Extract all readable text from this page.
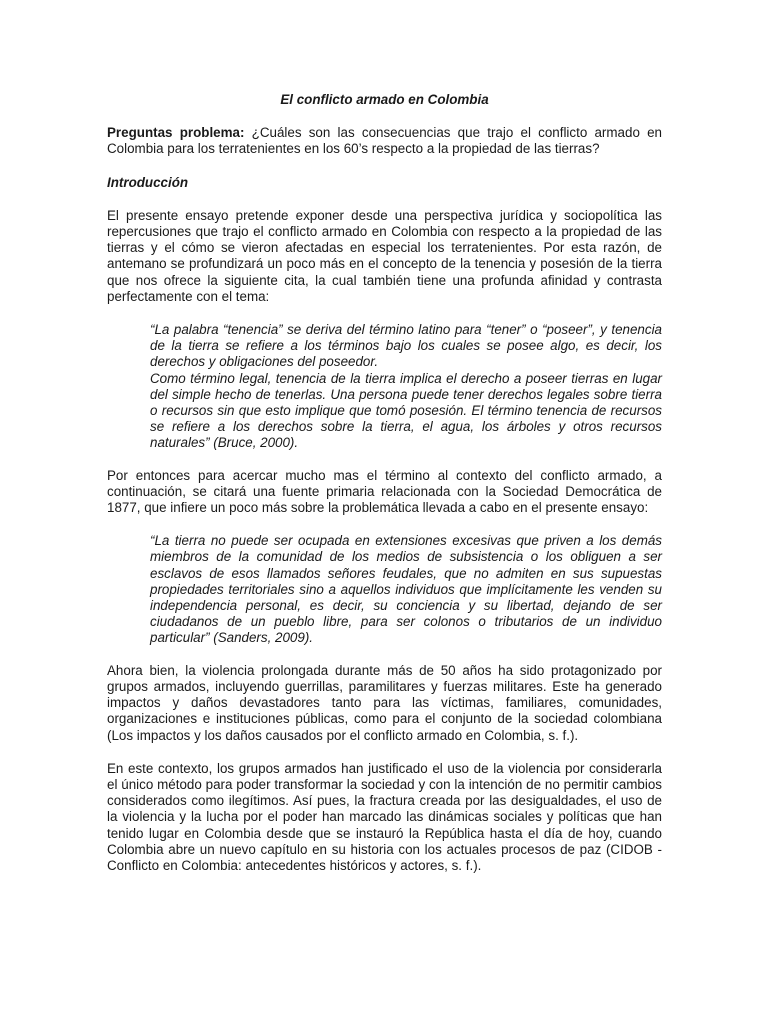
El conflicto armado en Colombia
Preguntas problema: ¿Cuáles son las consecuencias que trajo el conflicto armado en Colombia para los terratenientes en los 60’s respecto a la propiedad de las tierras?
Introducción
El presente ensayo pretende exponer desde una perspectiva jurídica y sociopolítica las repercusiones que trajo el conflicto armado en Colombia con respecto a la propiedad de las tierras y el cómo se vieron afectadas en especial los terratenientes. Por esta razón, de antemano se profundizará un poco más en el concepto de la tenencia y posesión de la tierra que nos ofrece la siguiente cita, la cual también tiene una profunda afinidad y contrasta perfectamente con el tema:

“La palabra “tenencia” se deriva del término latino para “tener” o “poseer”, y tenencia de la tierra se refiere a los términos bajo los cuales se posee algo, es decir, los derechos y obligaciones del poseedor.

Como término legal, tenencia de la tierra implica el derecho a poseer tierras en lugar del simple hecho de tenerlas. Una persona puede tener derechos legales sobre tierra o recursos sin que esto implique que tomó posesión. El término tenencia de recursos se refiere a los derechos sobre la tierra, el agua, los árboles y otros recursos naturales” (Bruce, 2000).

Por entonces para acercar mucho mas el término al contexto del conflicto armado, a continuación, se citará una fuente primaria relacionada con la Sociedad Democrática de 1877, que infiere un poco más sobre la problemática llevada a cabo en el presente ensayo:

“La tierra no puede ser ocupada en extensiones excesivas que priven a los demás miembros de la comunidad de los medios de subsistencia o los obliguen a ser esclavos de esos llamados señores feudales, que no admiten en sus supuestas propiedades territoriales sino a aquellos individuos que implícitamente les venden su independencia personal, es decir, su conciencia y su libertad, dejando de ser ciudadanos de un pueblo libre, para ser colonos o tributarios de un individuo particular” (Sanders, 2009).

Ahora bien, la violencia prolongada durante más de 50 años ha sido protagonizado por grupos armados, incluyendo guerrillas, paramilitares y fuerzas militares. Este ha generado impactos y daños devastadores tanto para las víctimas, familiares, comunidades, organizaciones e instituciones públicas, como para el conjunto de la sociedad colombiana (Los impactos y los daños causados por el conflicto armado en Colombia, s. f.).
En este contexto, los grupos armados han justificado el uso de la violencia por considerarla el único método para poder transformar la sociedad y con la intención de no permitir cambios considerados como ilegítimos. Así pues, la fractura creada por las desigualdades, el uso de la violencia y la lucha por el poder han marcado las dinámicas sociales y políticas que han tenido lugar en Colombia desde que se instauró la República hasta el día de hoy, cuando Colombia abre un nuevo capítulo en su historia con los actuales procesos de paz (CIDOB - Conflicto en Colombia: antecedentes históricos y actores, s. f.).
